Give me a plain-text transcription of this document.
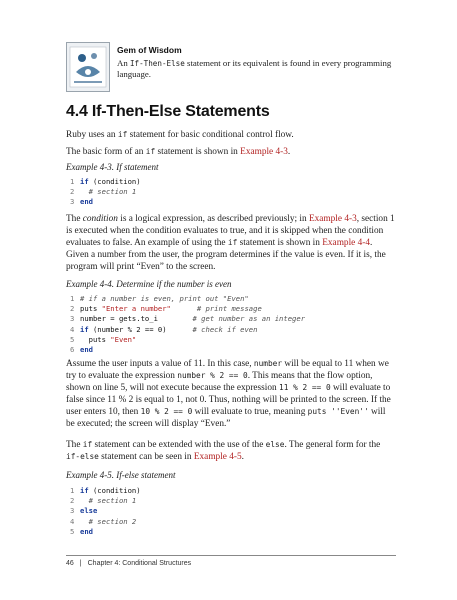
Gem of Wisdom
An If-Then-Else statement or its equivalent is found in every programming language.
4.4 If-Then-Else Statements
Ruby uses an if statement for basic conditional control flow.
The basic form of an if statement is shown in Example 4-3.
Example 4-3. If statement
1 if (condition)
2 # section 1
3 end
The condition is a logical expression, as described previously; in Example 4-3, section 1 is executed when the condition evaluates to true, and it is skipped when the condition evaluates to false. An example of using the if statement is shown in Example 4-4. Given a number from the user, the program determines if the value is even. If it is, the program will print “Even” to the screen.
Example 4-4. Determine if the number is even
1 # if a number is even, print out "Even"
2 puts "Enter a number"	# print message
3 number = gets.to_i	# get number as an integer
4 if (number % 2 == 0)	# check if even
5  puts "Even"
6 end
Assume the user inputs a value of 11. In this case, number will be equal to 11 when we try to evaluate the expression number % 2 == 0. This means that the flow option, shown on line 5, will not execute because the expression 11 % 2 == 0 will evaluate to false since 11 % 2 is equal to 1, not 0. Thus, nothing will be printed to the screen. If the user enters 10, then 10 % 2 == 0 will evaluate to true, meaning puts ''Even'' will be executed; the screen will display “Even.”
The if statement can be extended with the use of the else. The general form for the if-else statement can be seen in Example 4-5.
Example 4-5. If-else statement
1 if (condition)
2 # section 1
3 else
4 # section 2
5 end
46 | Chapter 4: Conditional Structures
